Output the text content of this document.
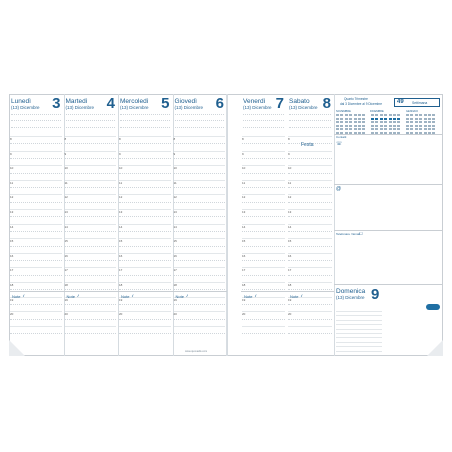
Lunedì
(13) Dicembre 3
8
9
10
11
12
13
14
15
16
17
18
19
20
Note /
Martedì
(13) Dicembre 4
8
9
10
11
12
13
14
15
16
17
18
19
20
Note /
Mercoledì
(13) Dicembre 5
8
9
10
11
12
13
14
15
16
17
18
19
20
Note /
Giovedì
(13) Dicembre 6
8
9
10
11
12
13
14
15
16
17
18
19
20
Note /
Venerdì
(13) Dicembre 7
8
9
10
11
12
13
14
15
16
17
18
19
20
Note /
Sabato
(13) Dicembre 8
8
9
10
11
12
13
14
15
16
17
18
19
20
Note /
Festa
Quarto Trimestre
dal 3 Dicembre al 9 Dicembre	49 Settimana
NOVEMBRE	DICEMBRE	GENNAIO
Contatti
☏
@
Telefonare / Email
☐
Domenica
(13) Dicembre 9
www.quovadis.com
